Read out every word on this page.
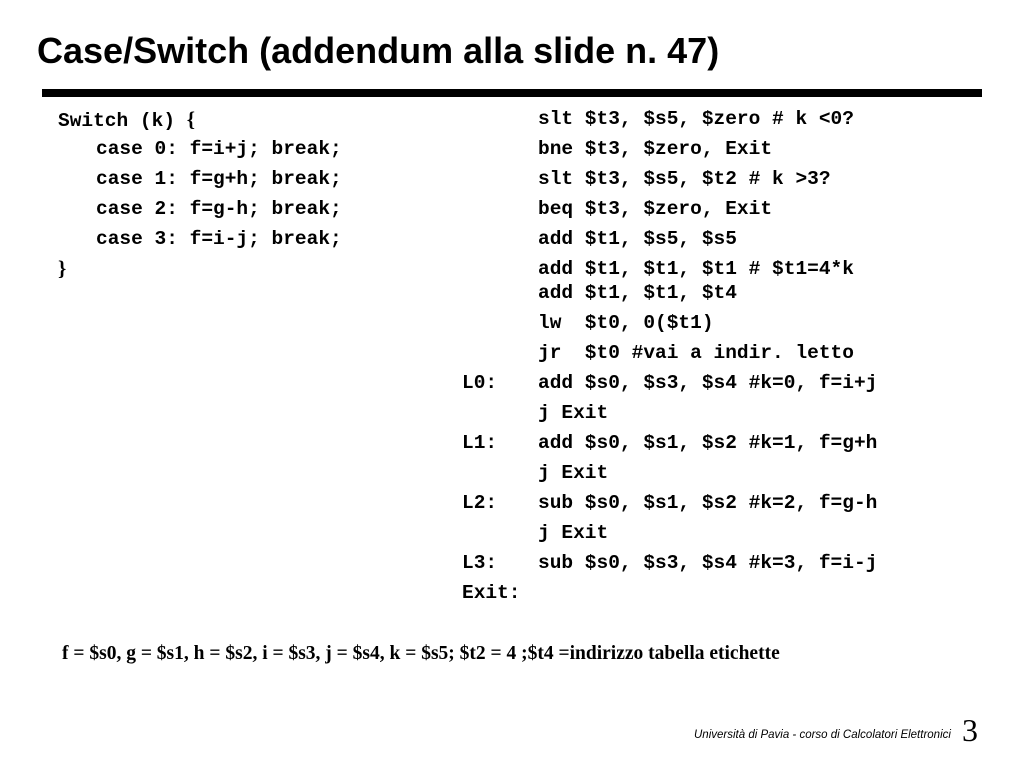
Case/Switch (addendum alla slide n. 47)
Switch (k) {
case 0: f=i+j; break;
case 1: f=g+h; break;
case 2: f=g-h; break;
case 3: f=i-j; break;
}
slt $t3, $s5, $zero # k <0?
bne $t3, $zero, Exit
slt $t3, $s5, $t2 # k >3?
beq $t3, $zero, Exit
add $t1, $s5, $s5
add $t1, $t1, $t1 # $t1=4*k
add $t1, $t1, $t4
lw  $t0, 0($t1)
jr  $t0 #vai a indir. letto
L0: add $s0, $s3, $s4 #k=0, f=i+j
j Exit
L1: add $s0, $s1, $s2 #k=1, f=g+h
j Exit
L2: sub $s0, $s1, $s2 #k=2, f=g-h
j Exit
L3: sub $s0, $s3, $s4 #k=3, f=i-j
Exit:
f = $s0, g = $s1, h = $s2, i = $s3, j = $s4, k = $s5; $t2 = 4 ;$t4 =indirizzo tabella etichette
Università di Pavia - corso di Calcolatori Elettronici 3
